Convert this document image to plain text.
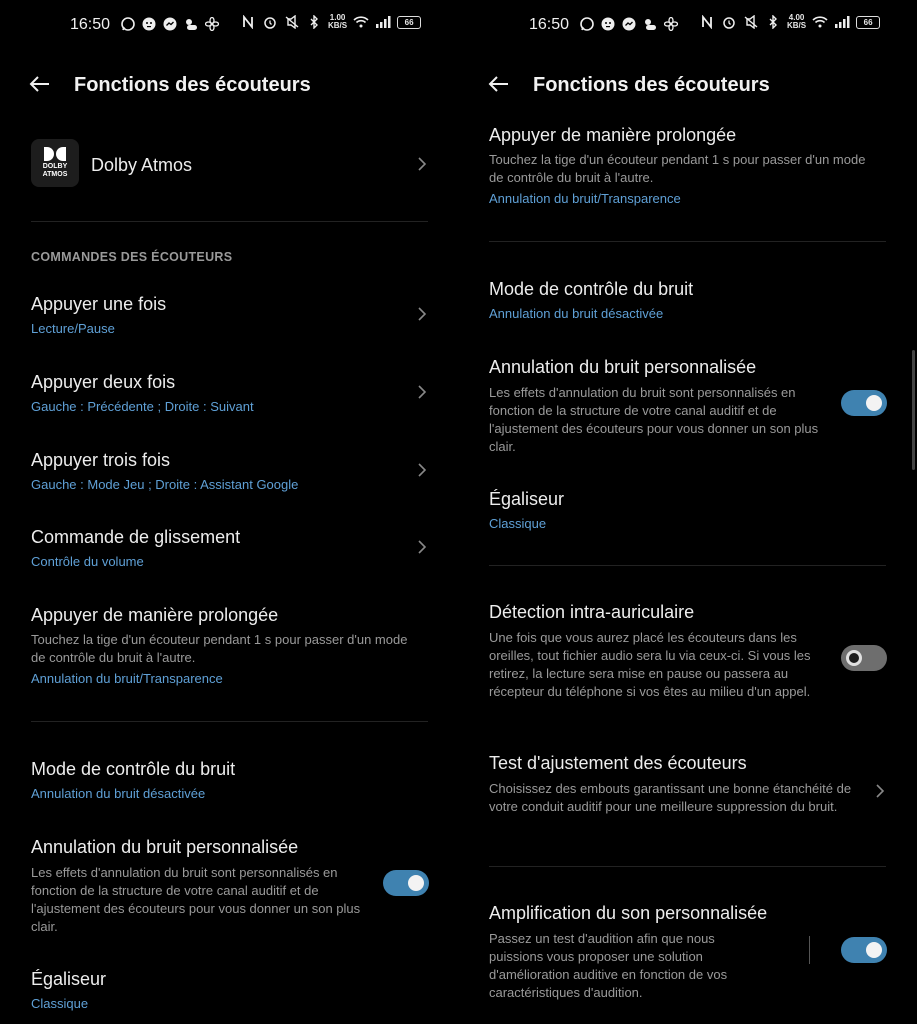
16:50	1.00
KB/S	66
Fonctions des écouteurs
DOLBY
ATMOS Dolby Atmos
COMMANDES DES ÉCOUTEURS
Appuyer une fois
Lecture/Pause
Appuyer deux fois
Gauche : Précédente ; Droite : Suivant
Appuyer trois fois
Gauche : Mode Jeu ; Droite : Assistant Google
Commande de glissement
Contrôle du volume
Appuyer de manière prolongée
Touchez la tige d'un écouteur pendant 1 s pour passer d'un mode de contrôle du bruit à l'autre.
Annulation du bruit/Transparence
Mode de contrôle du bruit
Annulation du bruit désactivée
Annulation du bruit personnalisée
Les effets d'annulation du bruit sont personnalisés en fonction de la structure de votre canal auditif et de l'ajustement des écouteurs pour vous donner un son plus clair.
Égaliseur
Classique
16:50	4.00
KB/S	66
Fonctions des écouteurs
Appuyer de manière prolongée
Touchez la tige d'un écouteur pendant 1 s pour passer d'un mode de contrôle du bruit à l'autre.
Annulation du bruit/Transparence
Mode de contrôle du bruit
Annulation du bruit désactivée
Annulation du bruit personnalisée
Les effets d'annulation du bruit sont personnalisés en fonction de la structure de votre canal auditif et de l'ajustement des écouteurs pour vous donner un son plus clair.
Égaliseur
Classique
Détection intra-auriculaire
Une fois que vous aurez placé les écouteurs dans les oreilles, tout fichier audio sera lu via ceux-ci. Si vous les retirez, la lecture sera mise en pause ou passera au récepteur du téléphone si vos êtes au milieu d'un appel.
Test d'ajustement des écouteurs
Choisissez des embouts garantissant une bonne étanchéité de votre conduit auditif pour une meilleure suppression du bruit.
Amplification du son personnalisée
Passez un test d'audition afin que nous puissions vous proposer une solution d'amélioration auditive en fonction de vos caractéristiques d'audition.
